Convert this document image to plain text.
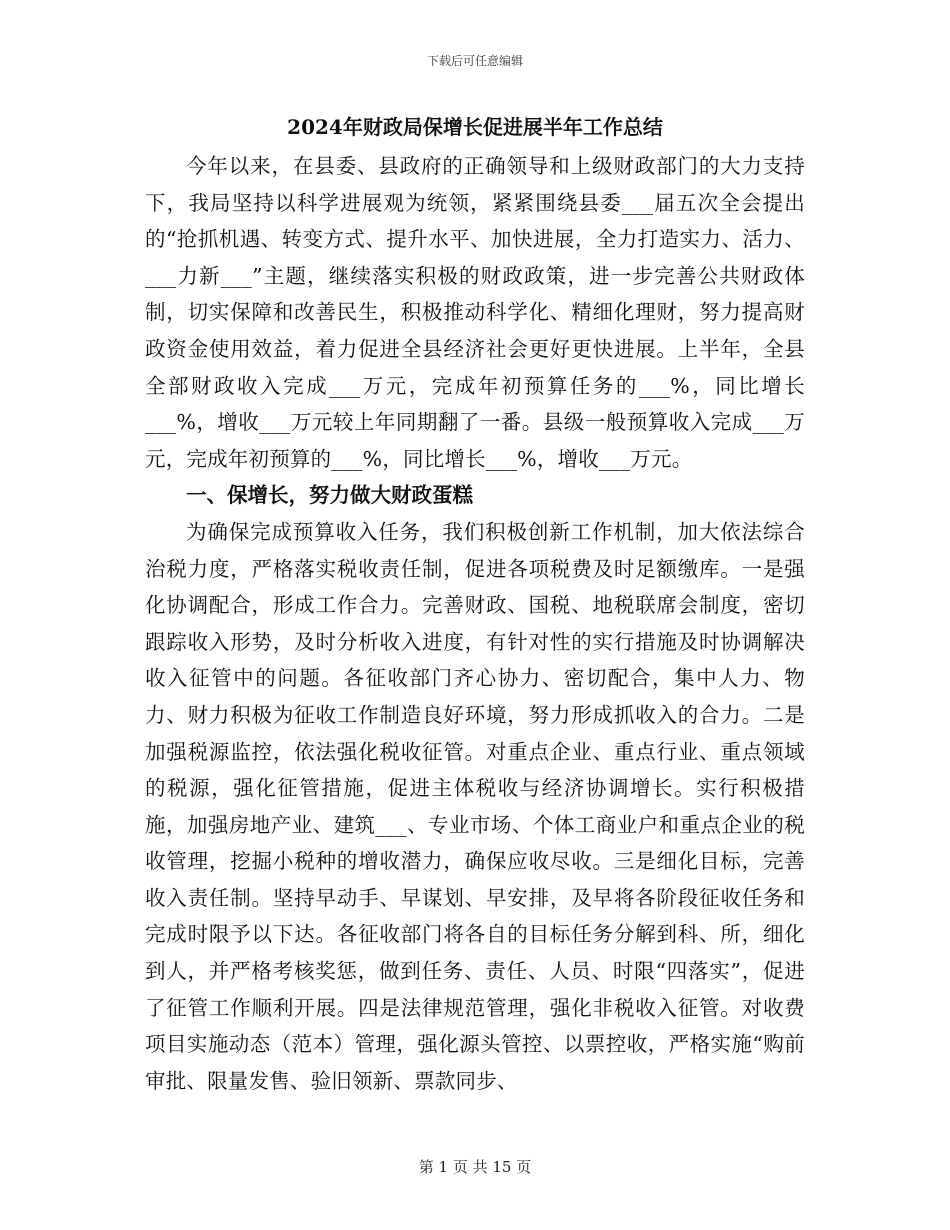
下载后可任意编辑
2024年财政局保增长促进展半年工作总结

今年以来，在县委、县政府的正确领导和上级财政部门的大力支持下，我局坚持以科学进展观为统领，紧紧围绕县委___届五次全会提出的“抢抓机遇、转变方式、提升水平、加快进展，全力打造实力、活力、___力新___”主题，继续落实积极的财政政策，进一步完善公共财政体制，切实保障和改善民生，积极推动科学化、精细化理财，努力提高财政资金使用效益，着力促进全县经济社会更好更快进展。上半年，全县全部财政收入完成___万元，完成年初预算任务的___%，同比增长___%，增收___万元较上年同期翻了一番。县级一般预算收入完成___万元，完成年初预算的___%，同比增长___%，增收___万元。

一、保增长，努力做大财政蛋糕

为确保完成预算收入任务，我们积极创新工作机制，加大依法综合治税力度，严格落实税收责任制，促进各项税费及时足额缴库。一是强化协调配合，形成工作合力。完善财政、国税、地税联席会制度，密切跟踪收入形势，及时分析收入进度，有针对性的实行措施及时协调解决收入征管中的问题。各征收部门齐心协力、密切配合，集中人力、物力、财力积极为征收工作制造良好环境，努力形成抓收入的合力。二是加强税源监控，依法强化税收征管。对重点企业、重点行业、重点领域的税源，强化征管措施，促进主体税收与经济协调增长。实行积极措施，加强房地产业、建筑___、专业市场、个体工商业户和重点企业的税收管理，挖掘小税种的增收潜力，确保应收尽收。三是细化目标，完善收入责任制。坚持早动手、早谋划、早安排，及早将各阶段征收任务和完成时限予以下达。各征收部门将各自的目标任务分解到科、所，细化到人，并严格考核奖惩，做到任务、责任、人员、时限“四落实”，促进了征管工作顺利开展。四是法律规范管理，强化非税收入征管。对收费项目实施动态（范本）管理，强化源头管控、以票控收，严格实施“购前审批、限量发售、验旧领新、票款同步、

第 1 页 共 15 页
